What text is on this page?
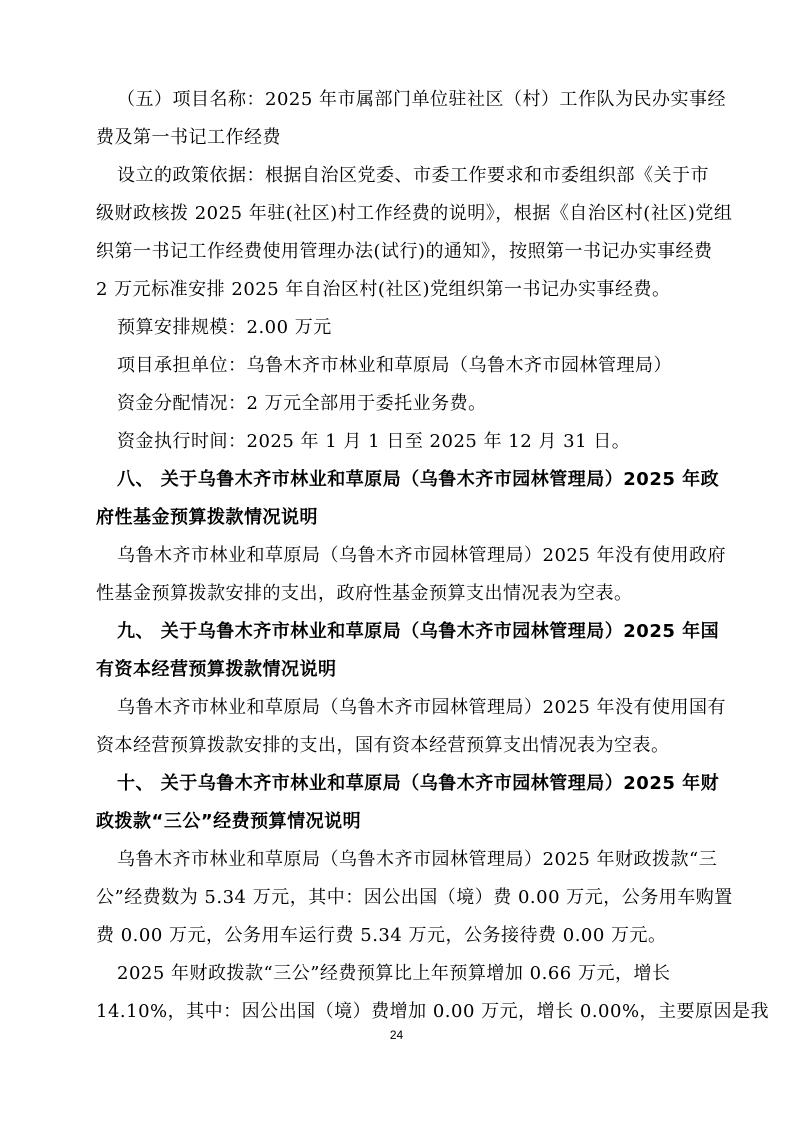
（五）项目名称：2025 年市属部门单位驻社区（村）工作队为民办实事经
费及第一书记工作经费
设立的政策依据：根据自治区党委、市委工作要求和市委组织部《关于市
级财政核拨 2025 年驻(社区)村工作经费的说明》，根据《自治区村(社区)党组
织第一书记工作经费使用管理办法(试行)的通知》，按照第一书记办实事经费
2 万元标准安排 2025 年自治区村(社区)党组织第一书记办实事经费。
预算安排规模：2.00 万元
项目承担单位：乌鲁木齐市林业和草原局（乌鲁木齐市园林管理局）
资金分配情况：2 万元全部用于委托业务费。
资金执行时间：2025 年 1 月 1 日至 2025 年 12 月 31 日。
八、 关于乌鲁木齐市林业和草原局（乌鲁木齐市园林管理局）2025 年政
府性基金预算拨款情况说明
乌鲁木齐市林业和草原局（乌鲁木齐市园林管理局）2025 年没有使用政府
性基金预算拨款安排的支出，政府性基金预算支出情况表为空表。
九、 关于乌鲁木齐市林业和草原局（乌鲁木齐市园林管理局）2025 年国
有资本经营预算拨款情况说明
乌鲁木齐市林业和草原局（乌鲁木齐市园林管理局）2025 年没有使用国有
资本经营预算拨款安排的支出，国有资本经营预算支出情况表为空表。
十、 关于乌鲁木齐市林业和草原局（乌鲁木齐市园林管理局）2025 年财
政拨款“三公”经费预算情况说明
乌鲁木齐市林业和草原局（乌鲁木齐市园林管理局）2025 年财政拨款“三
公”经费数为 5.34 万元，其中：因公出国（境）费 0.00 万元，公务用车购置
费 0.00 万元，公务用车运行费 5.34 万元，公务接待费 0.00 万元。
2025 年财政拨款“三公”经费预算比上年预算增加 0.66 万元，增长
14.10%，其中：因公出国（境）费增加 0.00 万元，增长 0.00%，主要原因是我
24
